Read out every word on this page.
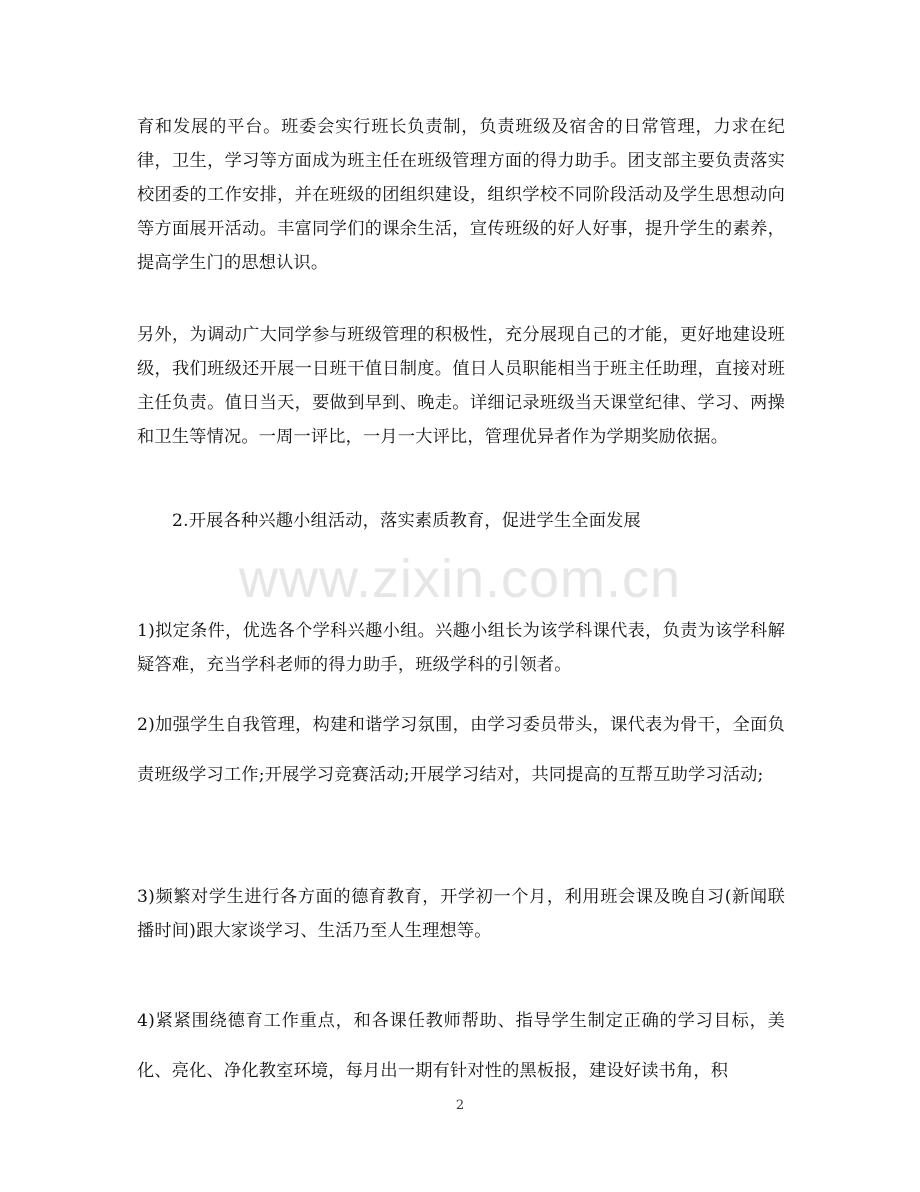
www.zixin.com.cn

育和发展的平台。班委会实行班长负责制，负责班级及宿舍的日常管理，力求在纪律，卫生，学习等方面成为班主任在班级管理方面的得力助手。团支部主要负责落实校团委的工作安排，并在班级的团组织建设，组织学校不同阶段活动及学生思想动向等方面展开活动。丰富同学们的课余生活，宣传班级的好人好事，提升学生的素养，提高学生门的思想认识。

另外，为调动广大同学参与班级管理的积极性，充分展现自己的才能，更好地建设班级，我们班级还开展一日班干值日制度。值日人员职能相当于班主任助理，直接对班主任负责。值日当天，要做到早到、晚走。详细记录班级当天课堂纪律、学习、两操和卫生等情况。一周一评比，一月一大评比，管理优异者作为学期奖励依据。

2.开展各种兴趣小组活动，落实素质教育，促进学生全面发展

1)拟定条件，优选各个学科兴趣小组。兴趣小组长为该学科课代表，负责为该学科解疑答难，充当学科老师的得力助手，班级学科的引领者。

2)加强学生自我管理，构建和谐学习氛围，由学习委员带头，课代表为骨干，全面负责班级学习工作;开展学习竞赛活动;开展学习结对，共同提高的互帮互助学习活动;

3)频繁对学生进行各方面的德育教育，开学初一个月，利用班会课及晚自习(新闻联播时间)跟大家谈学习、生活乃至人生理想等。

4)紧紧围绕德育工作重点，和各课任教师帮助、指导学生制定正确的学习目标，美化、亮化、净化教室环境，每月出一期有针对性的黑板报，建设好读书角，积

2
